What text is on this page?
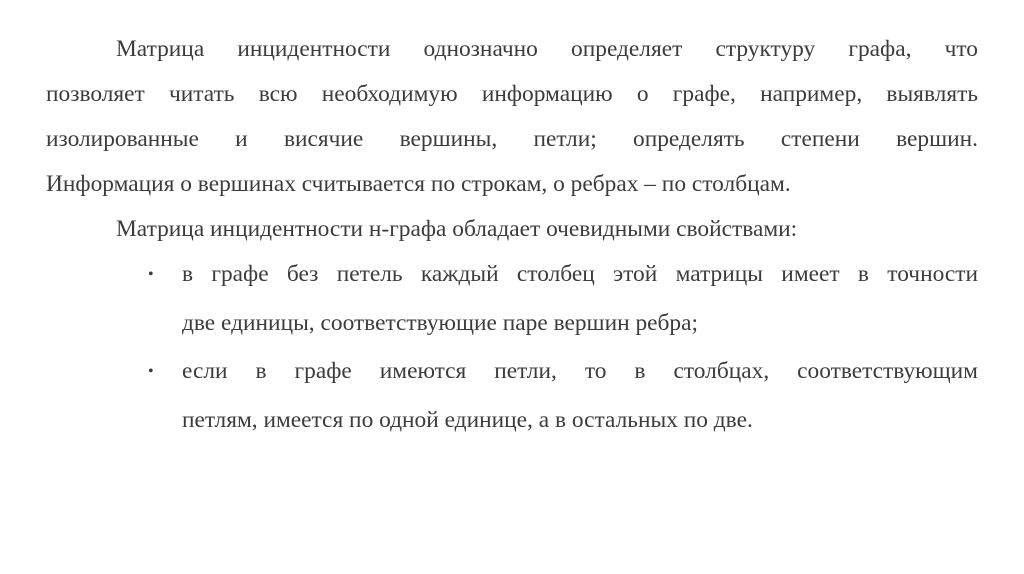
Матрица инцидентности однозначно определяет структуру графа, что
позволяет читать всю необходимую информацию о графе, например, выявлять
изолированные и висячие вершины, петли; определять степени вершин.
Информация о вершинах считывается по строкам, о ребрах – по столбцам.
Матрица инцидентности н-графа обладает очевидными свойствами:
• в графе без петель каждый столбец этой матрицы имеет в точности
две единицы, соответствующие паре вершин ребра;
• если в графе имеются петли, то в столбцах, соответствующим
петлям, имеется по одной единице, а в остальных по две.
